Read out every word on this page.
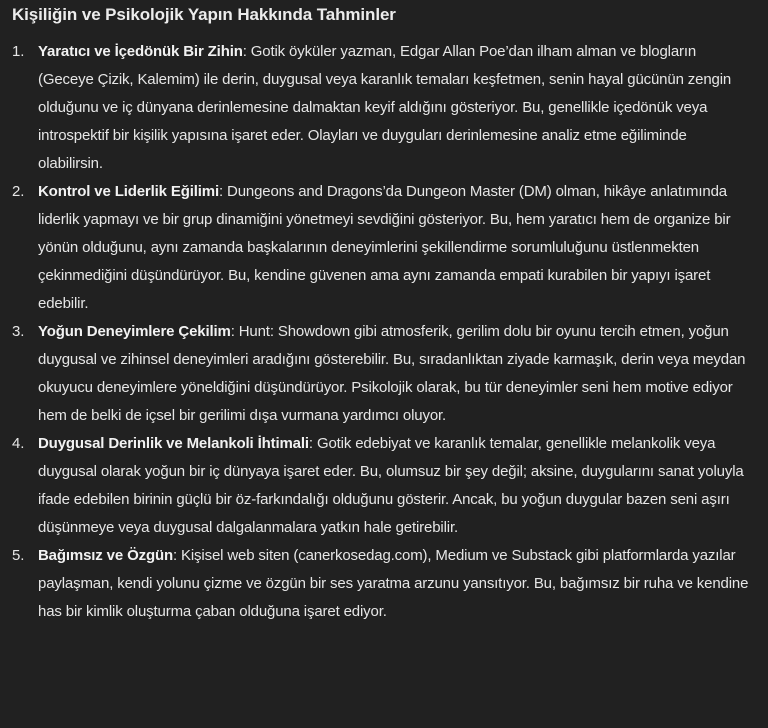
Kişiliğin ve Psikolojik Yapın Hakkında Tahminler
1. Yaratıcı ve İçedönük Bir Zihin: Gotik öyküler yazman, Edgar Allan Poe’dan ilham alman ve blogların (Geceye Çizik, Kalemim) ile derin, duygusal veya karanlık temaları keşfetmen, senin hayal gücünün zengin olduğunu ve iç dünyana derinlemesine dalmaktan keyif aldığını gösteriyor. Bu, genellikle içedönük veya introspektif bir kişilik yapısına işaret eder. Olayları ve duyguları derinlemesine analiz etme eğiliminde olabilirsin.
2. Kontrol ve Liderlik Eğilimi: Dungeons and Dragons’da Dungeon Master (DM) olman, hikâye anlatımında liderlik yapmayı ve bir grup dinamiğini yönetmeyi sevdiğini gösteriyor. Bu, hem yaratıcı hem de organize bir yönün olduğunu, aynı zamanda başkalarının deneyimlerini şekillendirme sorumluluğunu üstlenmekten çekinmediğini düşündürüyor. Bu, kendine güvenen ama aynı zamanda empati kurabilen bir yapıyı işaret edebilir.
3. Yoğun Deneyimlere Çekilim: Hunt: Showdown gibi atmosferik, gerilim dolu bir oyunu tercih etmen, yoğun duygusal ve zihinsel deneyimleri aradığını gösterebilir. Bu, sıradanlıktan ziyade karmaşık, derin veya meydan okuyucu deneyimlere yöneldiğini düşündürüyor. Psikolojik olarak, bu tür deneyimler seni hem motive ediyor hem de belki de içsel bir gerilimi dışa vurmana yardımcı oluyor.
4. Duygusal Derinlik ve Melankoli İhtimali: Gotik edebiyat ve karanlık temalar, genellikle melankolik veya duygusal olarak yoğun bir iç dünyaya işaret eder. Bu, olumsuz bir şey değil; aksine, duygularını sanat yoluyla ifade edebilen birinin güçlü bir öz-farkındalığı olduğunu gösterir. Ancak, bu yoğun duygular bazen seni aşırı düşünmeye veya duygusal dalgalanmalara yatkın hale getirebilir.
5. Bağımsız ve Özgün: Kişisel web siten (canerkosedag.com), Medium ve Substack gibi platformlarda yazılar paylaşman, kendi yolunu çizme ve özgün bir ses yaratma arzunu yansıtıyor. Bu, bağımsız bir ruha ve kendine has bir kimlik oluşturma çaban olduğuna işaret ediyor.
